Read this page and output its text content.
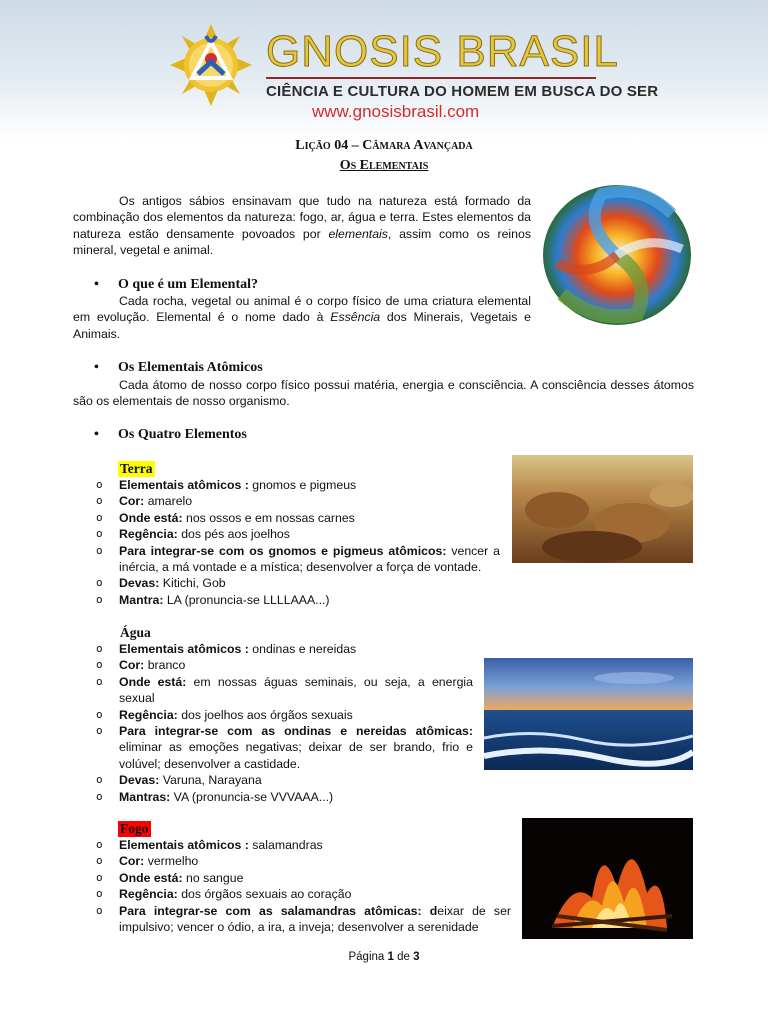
GNOSIS BRASIL
CIÊNCIA E CULTURA DO HOMEM EM BUSCA DO SER
www.gnosisbrasil.com
Lição 04 – Câmara Avançada
Os Elementais
Os antigos sábios ensinavam que tudo na natureza está formado da combinação dos elementos da natureza: fogo, ar, água e terra. Estes elementos da natureza estão densamente povoados por elementais, assim como os reinos mineral, vegetal e animal.
• O que é um Elemental?
Cada rocha, vegetal ou animal é o corpo físico de uma criatura elemental em evolução. Elemental é o nome dado à Essência dos Minerais, Vegetais e Animais.
• Os Elementais Atômicos
Cada átomo de nosso corpo físico possui matéria, energia e consciência. A consciência desses átomos são os elementais de nosso organismo.
• Os Quatro Elementos
Terra
o Elementais atômicos : gnomos e pigmeus
o Cor: amarelo
o Onde está: nos ossos e em nossas carnes
o Regência: dos pés aos joelhos
o Para integrar-se com os gnomos e pigmeus atômicos: vencer a inércia, a má vontade e a mística; desenvolver a força de vontade.
o Devas: Kitichi, Gob
o Mantra: LA (pronuncia-se LLLLAAA...)
Água
o Elementais atômicos : ondinas e nereidas
o Cor: branco
o Onde está: em nossas águas seminais, ou seja, a energia sexual
o Regência: dos joelhos aos órgãos sexuais
o Para integrar-se com as ondinas e nereidas atômicas: eliminar as emoções negativas; deixar de ser brando, frio e volúvel; desenvolver a castidade.
o Devas: Varuna, Narayana
o Mantras: VA (pronuncia-se VVVAAA...)
Fogo
o Elementais atômicos : salamandras
o Cor: vermelho
o Onde está: no sangue
o Regência: dos órgãos sexuais ao coração
o Para integrar-se com as salamandras atômicas: deixar de ser impulsivo; vencer o ódio, a ira, a inveja; desenvolver a serenidade
Página 1 de 3
